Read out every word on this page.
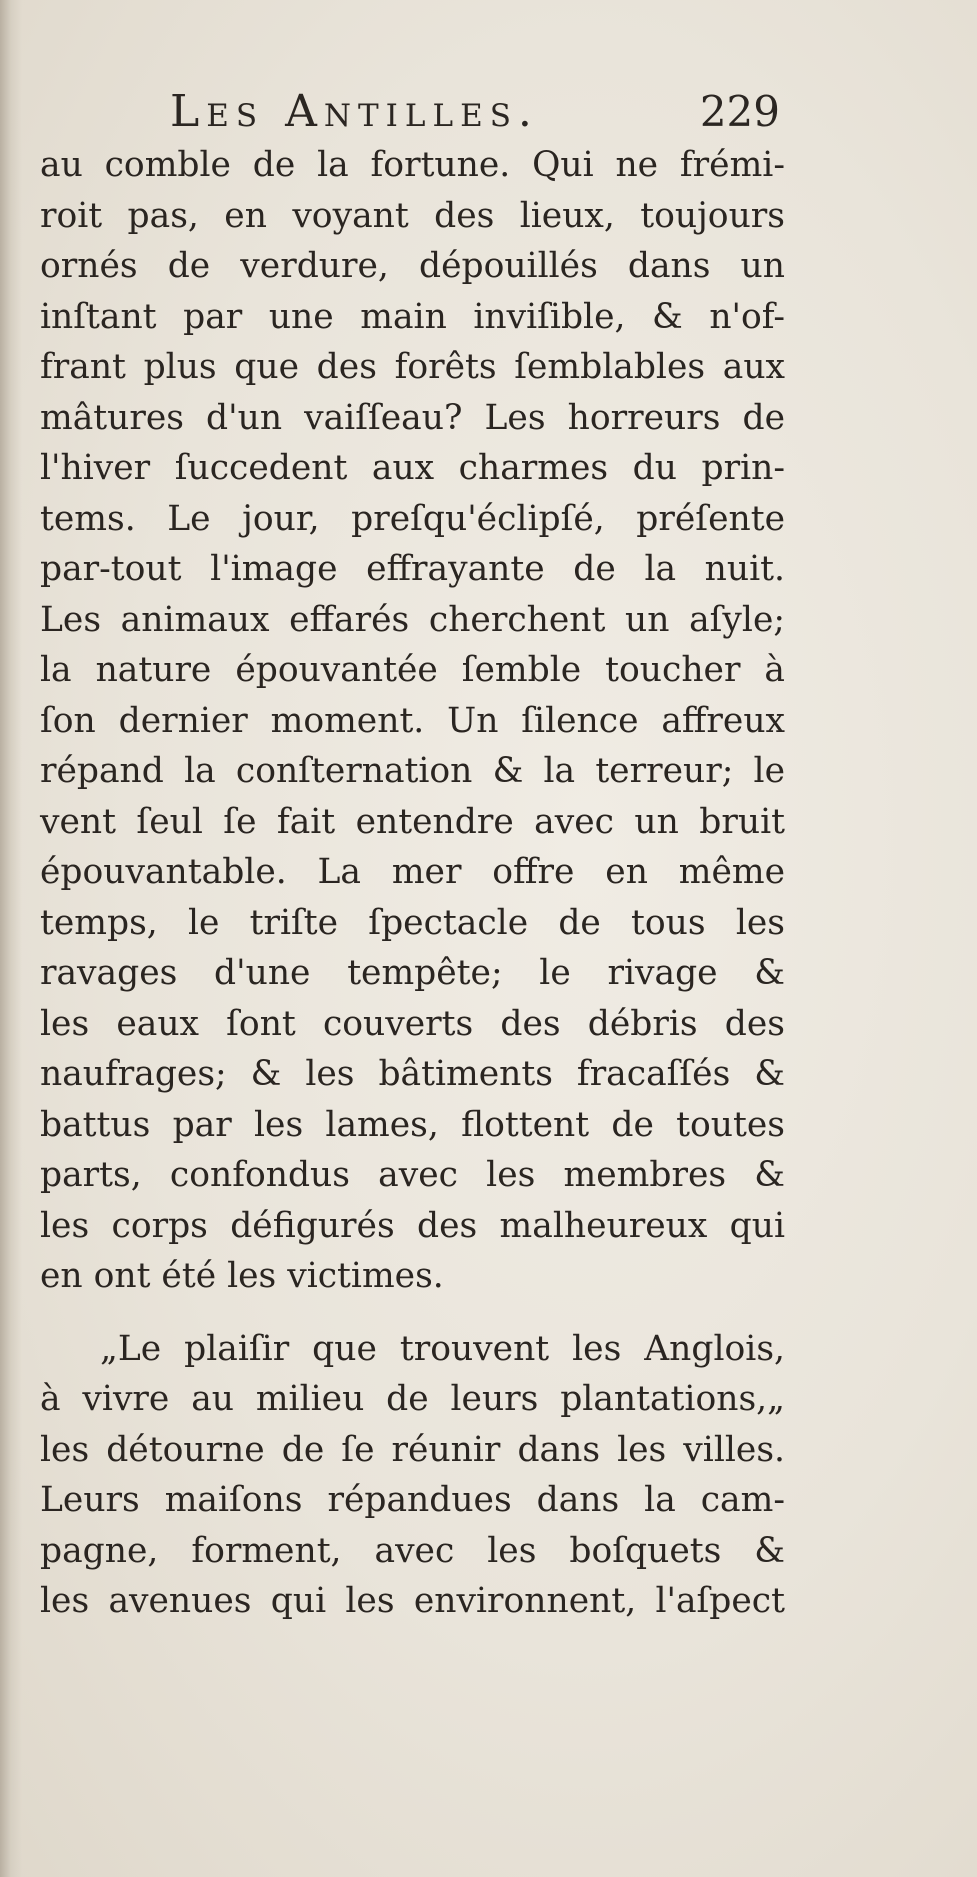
Les Antilles.	229
au comble de la fortune. Qui ne frémi-
roit pas, en voyant des lieux, toujours
ornés de verdure, dépouillés dans un
inſtant par une main inviſible, & n'of-
frant plus que des forêts ſemblables aux
mâtures d'un vaiſſeau? Les horreurs de
l'hiver ſuccedent aux charmes du prin-
tems. Le jour, preſqu'éclipſé, préſente
par-tout l'image effrayante de la nuit.
Les animaux effarés cherchent un aſyle;
la nature épouvantée ſemble toucher à
ſon dernier moment. Un ſilence affreux
répand la conſternation & la terreur; le
vent ſeul ſe fait entendre avec un bruit
épouvantable. La mer offre en même
temps, le triſte ſpectacle de tous les
ravages d'une tempête; le rivage &
les eaux ſont couverts des débris des
naufrages; & les bâtiments fracaſſés &
battus par les lames, flottent de toutes
parts, confondus avec les membres &
les corps défigurés des malheureux qui
en ont été les victimes.
„Le plaiſir que trouvent les Anglois,
à vivre au milieu de leurs plantations,„
les détourne de ſe réunir dans les villes.
Leurs maiſons répandues dans la cam-
pagne, forment, avec les boſquets &
les avenues qui les environnent, l'aſpect
